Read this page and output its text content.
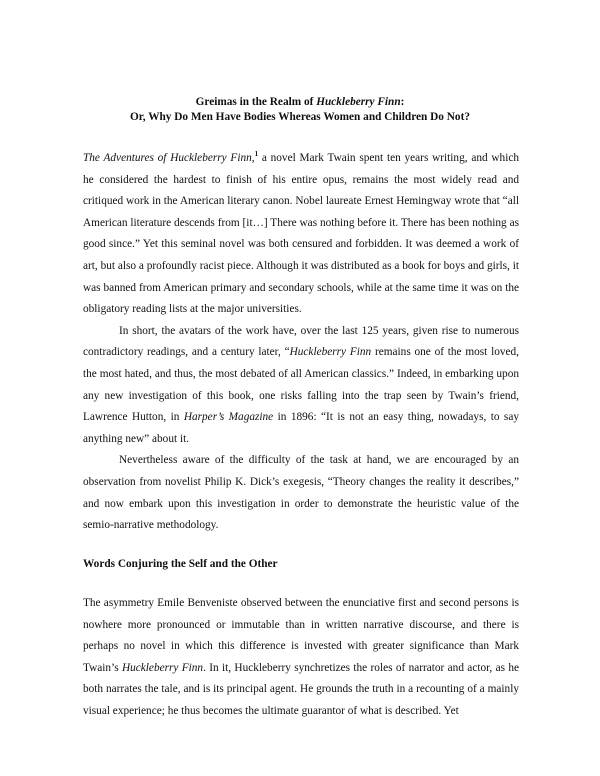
Greimas in the Realm of Huckleberry Finn:
Or, Why Do Men Have Bodies Whereas Women and Children Do Not?

The Adventures of Huckleberry Finn,$^1$ a novel Mark Twain spent ten years writing, and which he considered the hardest to finish of his entire opus, remains the most widely read and critiqued work in the American literary canon. Nobel laureate Ernest Hemingway wrote that “all American literature descends from [it…] There was nothing before it. There has been nothing as good since.” Yet this seminal novel was both censured and forbidden. It was deemed a work of art, but also a profoundly racist piece. Although it was distributed as a book for boys and girls, it was banned from American primary and secondary schools, while at the same time it was on the obligatory reading lists at the major universities.

In short, the avatars of the work have, over the last 125 years, given rise to numerous contradictory readings, and a century later, “Huckleberry Finn remains one of the most loved, the most hated, and thus, the most debated of all American classics.” Indeed, in embarking upon any new investigation of this book, one risks falling into the trap seen by Twain’s friend, Lawrence Hutton, in Harper’s Magazine in 1896: “It is not an easy thing, nowadays, to say anything new” about it.

Nevertheless aware of the difficulty of the task at hand, we are encouraged by an observation from novelist Philip K. Dick’s exegesis, “Theory changes the reality it describes,” and now embark upon this investigation in order to demonstrate the heuristic value of the semio-narrative methodology.

Words Conjuring the Self and the Other

The asymmetry Emile Benveniste observed between the enunciative first and second persons is nowhere more pronounced or immutable than in written narrative discourse, and there is perhaps no novel in which this difference is invested with greater significance than Mark Twain’s Huckleberry Finn. In it, Huckleberry synchretizes the roles of narrator and actor, as he both narrates the tale, and is its principal agent. He grounds the truth in a recounting of a mainly visual experience; he thus becomes the ultimate guarantor of what is described. Yet
